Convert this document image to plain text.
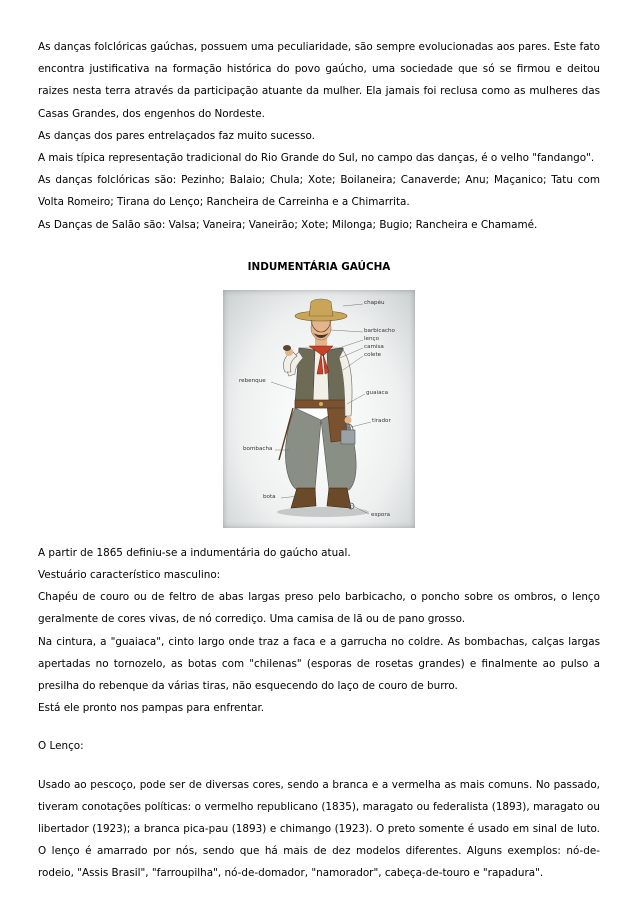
As danças folclóricas gaúchas, possuem uma peculiaridade, são sempre evolucionadas aos pares. Este fato encontra justificativa na formação histórica do povo gaúcho, uma sociedade que só se firmou e deitou raizes nesta terra através da participação atuante da mulher. Ela jamais foi reclusa como as mulheres das Casas Grandes, dos engenhos do Nordeste.

As danças dos pares entrelaçados faz muito sucesso.

A mais típica representação tradicional do Rio Grande do Sul, no campo das danças, é o velho "fandango".

As danças folclóricas são: Pezinho; Balaio; Chula; Xote; Boilaneira; Canaverde; Anu; Maçanico; Tatu com Volta Romeiro; Tirana do Lenço; Rancheira de Carreinha e a Chimarrita.

As Danças de Salão são: Valsa; Vaneira; Vaneirão; Xote; Milonga; Bugio; Rancheira e Chamamé.

INDUMENTÁRIA GAÚCHA
chapéu
barbicacho
lenço
camisa
colete
rebenque
guaiaca
tirador
bombacha
bota
espora

A partir de 1865 definiu-se a indumentária do gaúcho atual.

Vestuário característico masculino:

Chapéu de couro ou de feltro de abas largas preso pelo barbicacho, o poncho sobre os ombros, o lenço geralmente de cores vivas, de nó corrediço. Uma camisa de lã ou de pano grosso.

Na cintura, a "guaiaca", cinto largo onde traz a faca e a garrucha no coldre. As bombachas, calças largas apertadas no tornozelo, as botas com "chilenas" (esporas de rosetas grandes) e finalmente ao pulso a presilha do rebenque da várias tiras, não esquecendo do laço de couro de burro.

Está ele pronto nos pampas para enfrentar.

O Lenço:

Usado ao pescoço, pode ser de diversas cores, sendo a branca e a vermelha as mais comuns. No passado, tiveram conotações políticas: o vermelho republicano (1835), maragato ou federalista (1893), maragato ou libertador (1923); a branca pica-pau (1893) e chimango (1923). O preto somente é usado em sinal de luto. O lenço é amarrado por nós, sendo que há mais de dez modelos diferentes. Alguns exemplos: nó-de-rodeio, "Assis Brasil", "farroupilha", nó-de-domador, "namorador", cabeça-de-touro e "rapadura".
